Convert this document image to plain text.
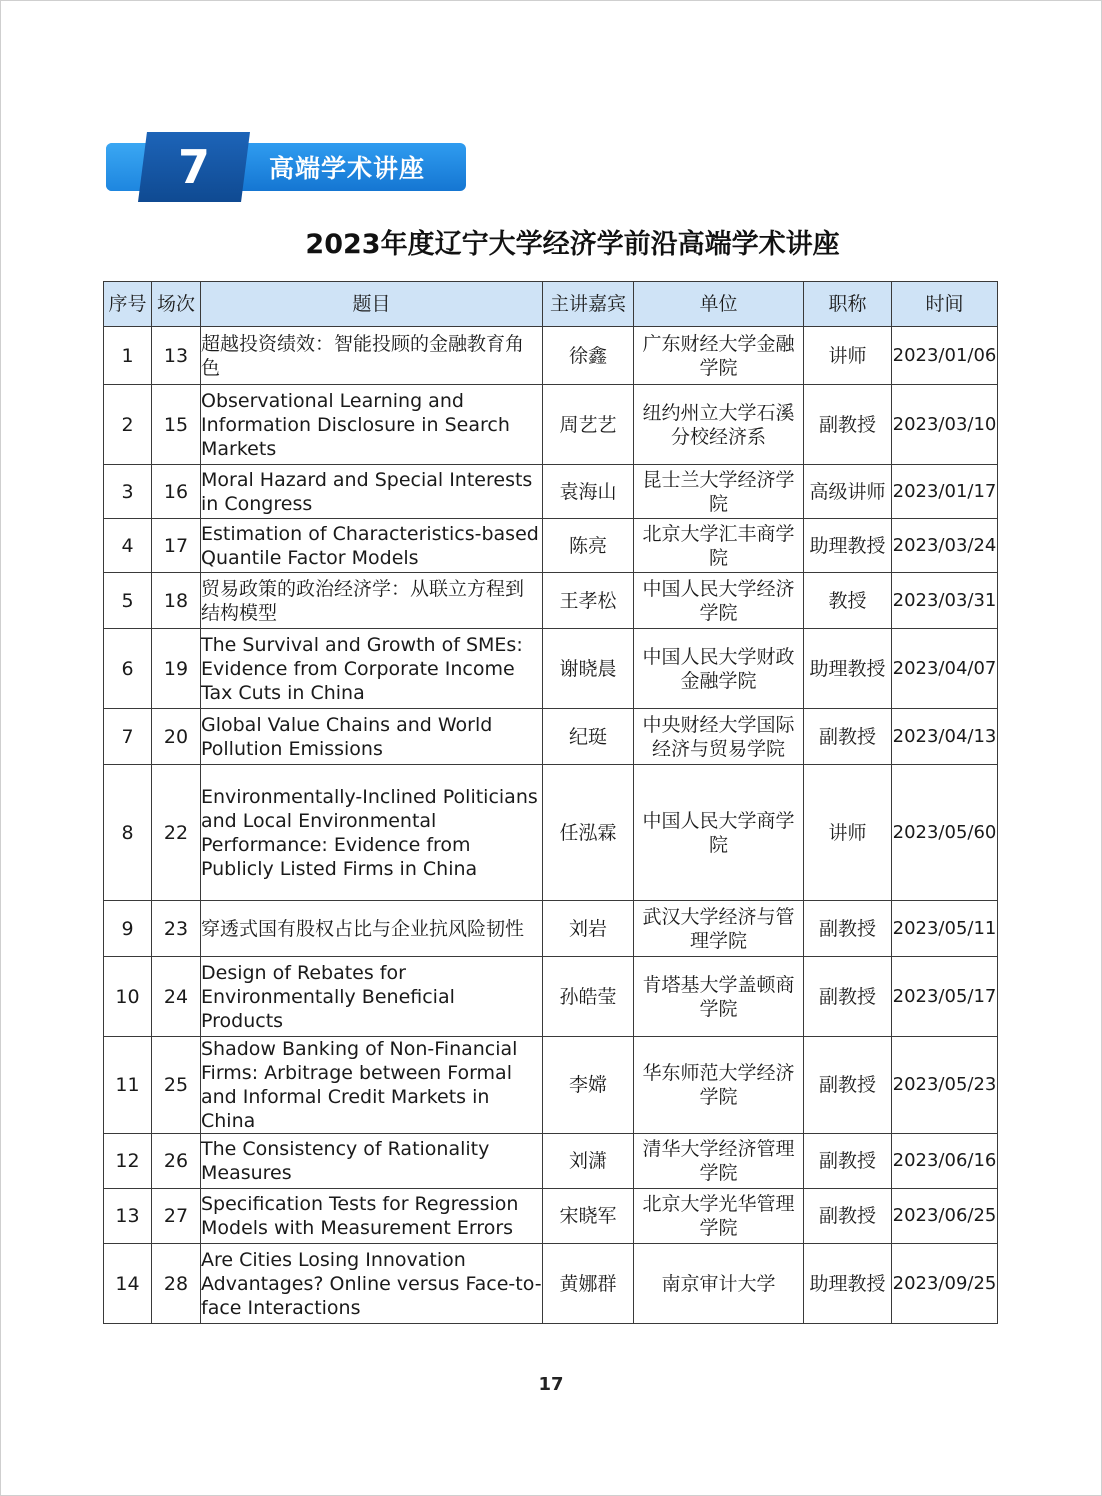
7	高端学术讲座
2023年度辽宁大学经济学前沿高端学术讲座
序号	场次	题目	主讲嘉宾	单位	职称	时间
1	13	超越投资绩效：智能投顾的金融教育角色	徐鑫	广东财经大学金融学院	讲师	2023/01/06
2	15	Observational Learning and Information Disclosure in Search Markets	周艺艺	纽约州立大学石溪分校经济系	副教授	2023/03/10
3	16	Moral Hazard and Special Interests in Congress	袁海山	昆士兰大学经济学院	高级讲师	2023/01/17
4	17	Estimation of Characteristics-based Quantile Factor Models	陈亮	北京大学汇丰商学院	助理教授	2023/03/24
5	18	贸易政策的政治经济学：从联立方程到结构模型	王孝松	中国人民大学经济学院	教授	2023/03/31
6	19	The Survival and Growth of SMEs: Evidence from Corporate Income Tax Cuts in China	谢晓晨	中国人民大学财政金融学院	助理教授	2023/04/07
7	20	Global Value Chains and World Pollution Emissions	纪珽	中央财经大学国际经济与贸易学院	副教授	2023/04/13
8	22	Environmentally-Inclined Politicians and Local Environmental Performance: Evidence from Publicly Listed Firms in China	任泓霖	中国人民大学商学院	讲师	2023/05/60
9	23	穿透式国有股权占比与企业抗风险韧性	刘岩	武汉大学经济与管理学院	副教授	2023/05/11
10	24	Design of Rebates for Environmentally Beneficial Products	孙皓莹	肯塔基大学盖顿商学院	副教授	2023/05/17
11	25	Shadow Banking of Non-Financial Firms: Arbitrage between Formal and Informal Credit Markets in China	李嫦	华东师范大学经济学院	副教授	2023/05/23
12	26	The Consistency of Rationality Measures	刘潇	清华大学经济管理学院	副教授	2023/06/16
13	27	Specification Tests for Regression Models with Measurement Errors	宋晓军	北京大学光华管理学院	副教授	2023/06/25
14	28	Are Cities Losing Innovation Advantages? Online versus Face-to-face Interactions	黄娜群	南京审计大学	助理教授	2023/09/25
17
